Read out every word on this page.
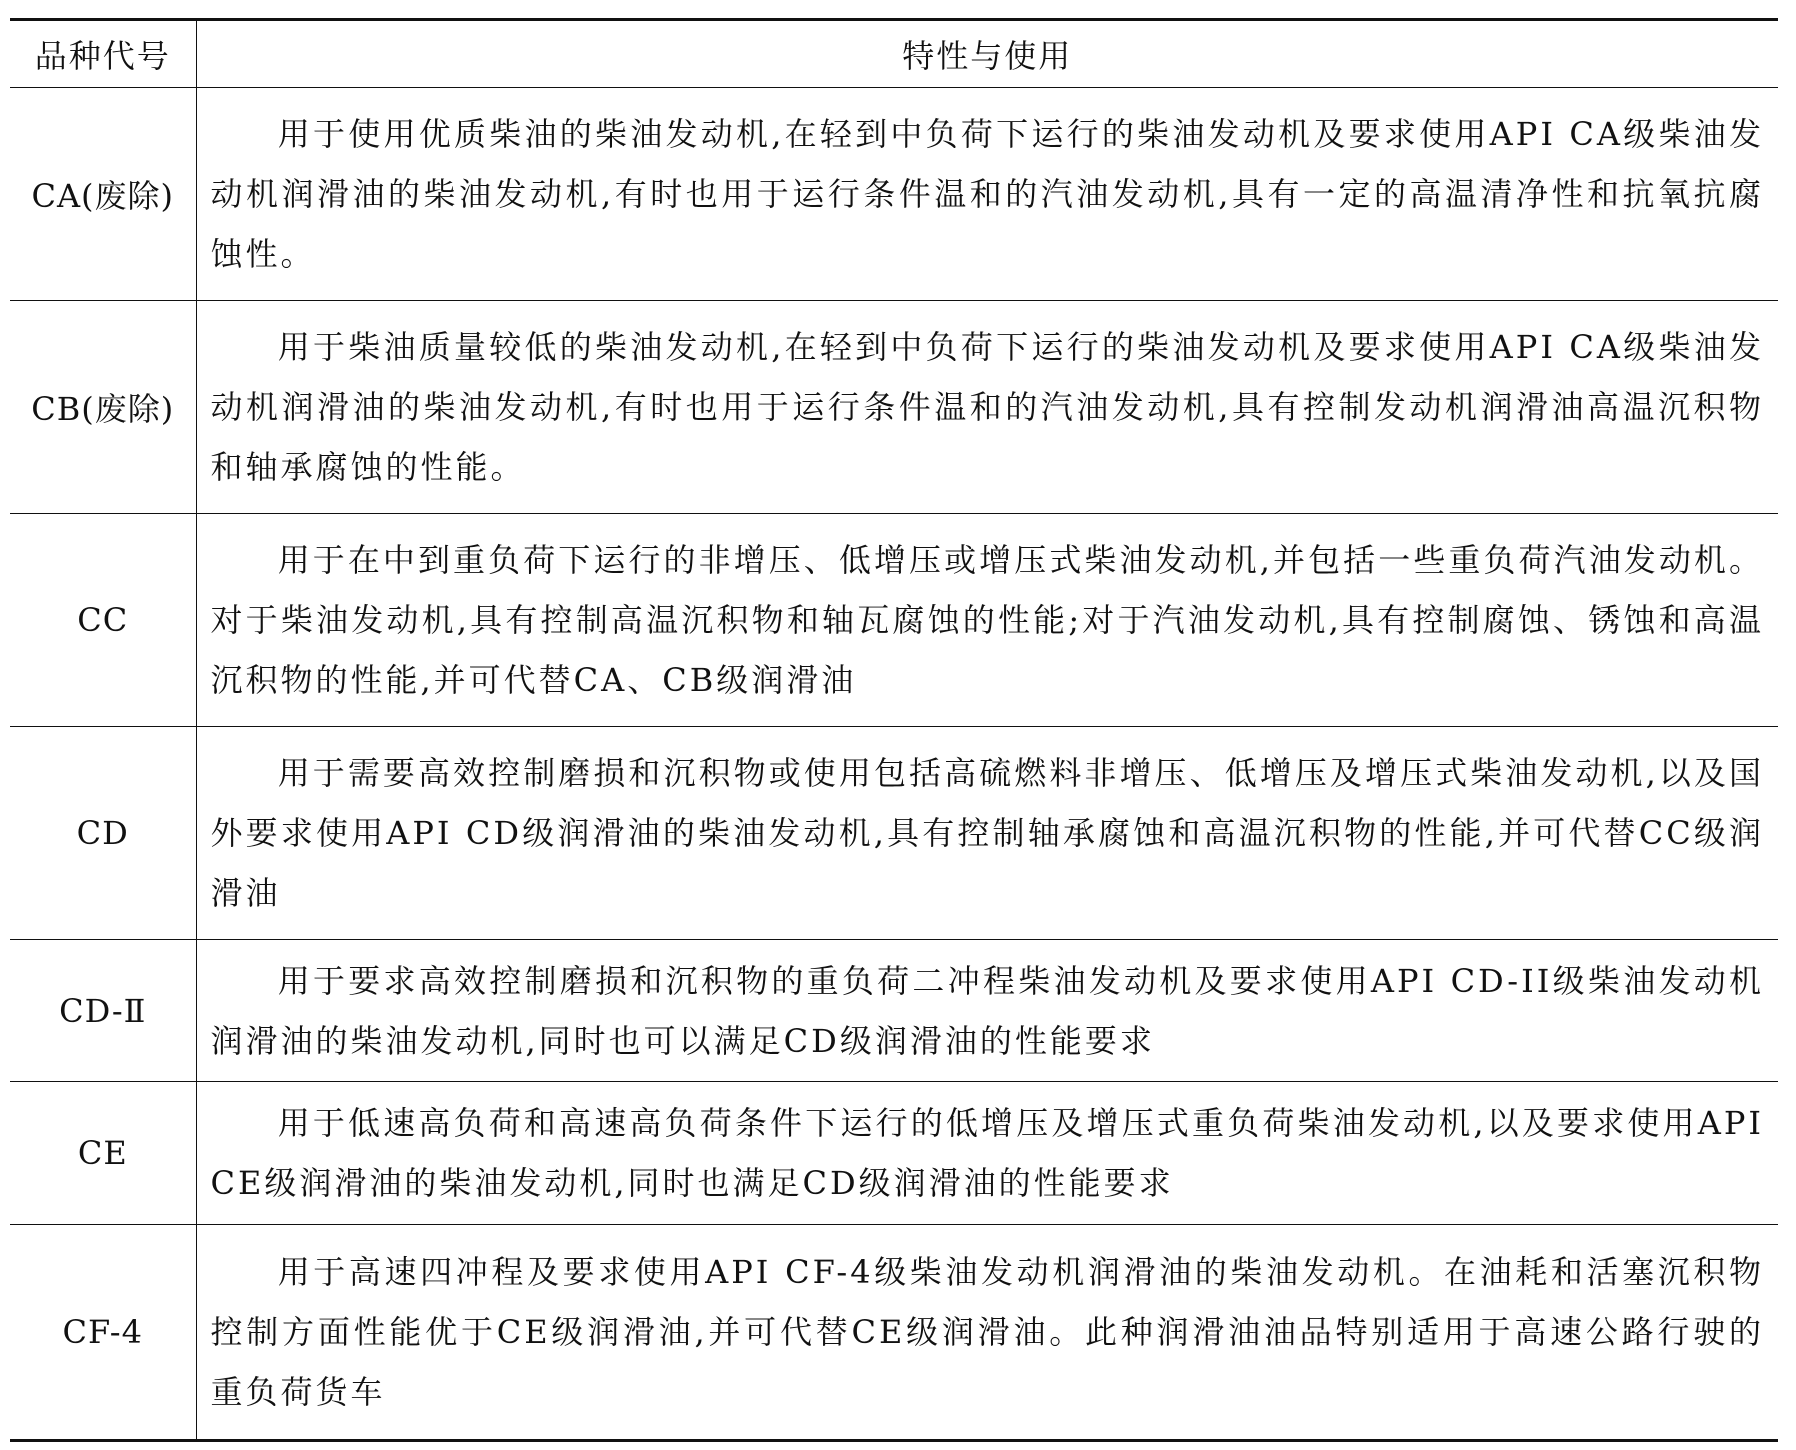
品种代号	特性与使用
CA(废除)	用于使用优质柴油的柴油发动机,在轻到中负荷下运行的柴油发动机及要求使用API CA级柴油发动机润滑油的柴油发动机,有时也用于运行条件温和的汽油发动机,具有一定的高温清净性和抗氧抗腐蚀性。
CB(废除)	用于柴油质量较低的柴油发动机,在轻到中负荷下运行的柴油发动机及要求使用API CA级柴油发动机润滑油的柴油发动机,有时也用于运行条件温和的汽油发动机,具有控制发动机润滑油高温沉积物和轴承腐蚀的性能。
CC	用于在中到重负荷下运行的非增压、低增压或增压式柴油发动机,并包括一些重负荷汽油发动机。对于柴油发动机,具有控制高温沉积物和轴瓦腐蚀的性能;对于汽油发动机,具有控制腐蚀、锈蚀和高温沉积物的性能,并可代替CA、CB级润滑油
CD	用于需要高效控制磨损和沉积物或使用包括高硫燃料非增压、低增压及增压式柴油发动机,以及国外要求使用API CD级润滑油的柴油发动机,具有控制轴承腐蚀和高温沉积物的性能,并可代替CC级润滑油
CD-Ⅱ	用于要求高效控制磨损和沉积物的重负荷二冲程柴油发动机及要求使用API CD-II级柴油发动机润滑油的柴油发动机,同时也可以满足CD级润滑油的性能要求
CE	用于低速高负荷和高速高负荷条件下运行的低增压及增压式重负荷柴油发动机,以及要求使用API CE级润滑油的柴油发动机,同时也满足CD级润滑油的性能要求
CF-4	用于高速四冲程及要求使用API CF-4级柴油发动机润滑油的柴油发动机。在油耗和活塞沉积物控制方面性能优于CE级润滑油,并可代替CE级润滑油。此种润滑油油品特别适用于高速公路行驶的重负荷货车
